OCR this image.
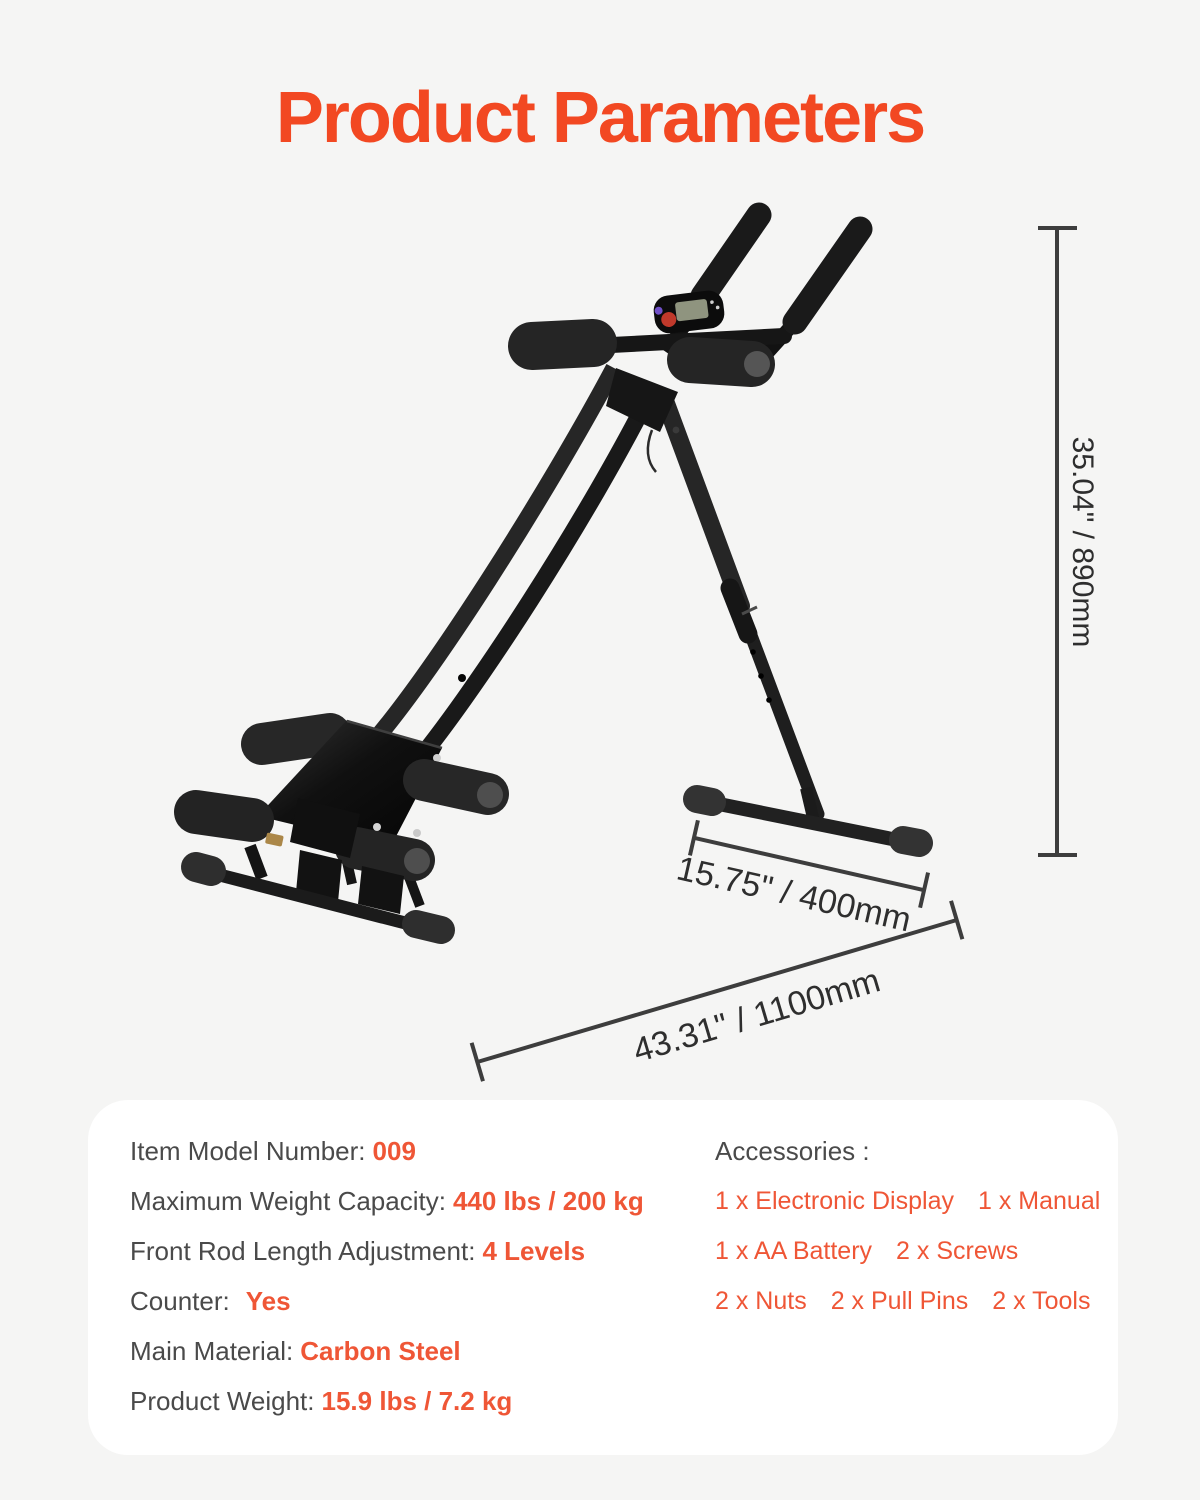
35.04" / 890mm
15.75" / 400mm
43.31" / 1100mm
Product Parameters
Item Model Number: 009
Maximum Weight Capacity: 440 lbs / 200 kg
Front Rod Length Adjustment: 4 Levels
Counter: Yes
Main Material: Carbon Steel
Product Weight: 15.9 lbs / 7.2 kg
Accessories :
1 x Electronic Display 1 x Manual
1 x AA Battery 2 x Screws
2 x Nuts 2 x Pull Pins 2 x Tools
